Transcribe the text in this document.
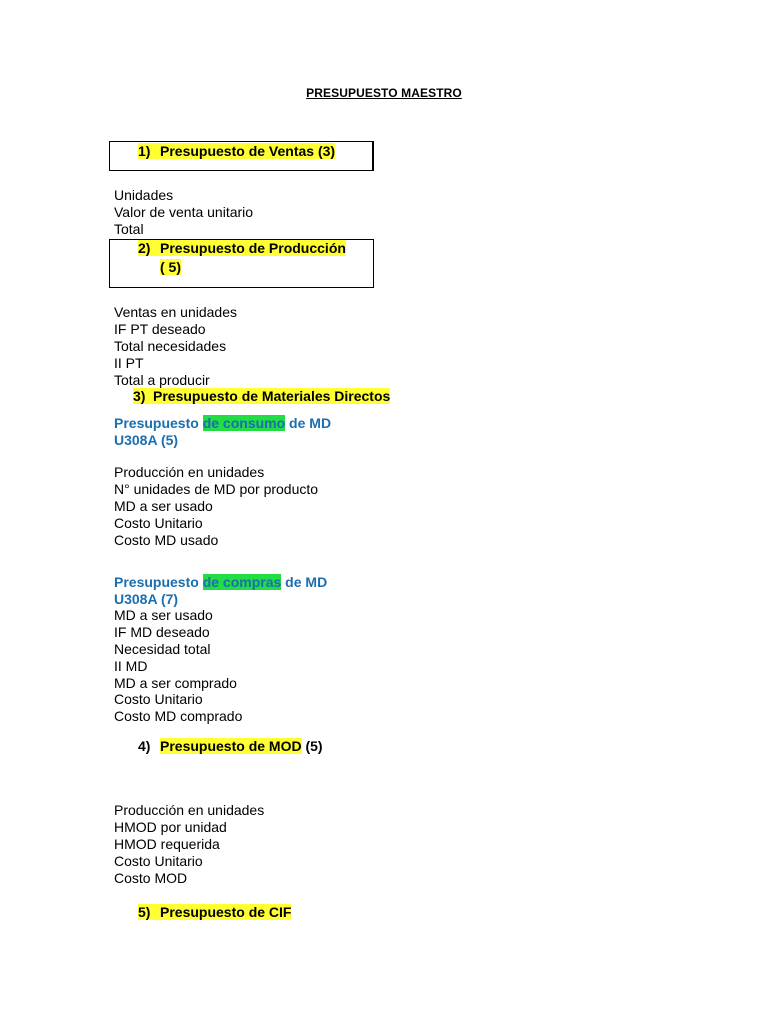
PRESUPUESTO MAESTRO
1) Presupuesto de Ventas (3)
Unidades
Valor de venta unitario
Total
2) Presupuesto de Producción
( 5)
Ventas en unidades
IF PT deseado
Total necesidades
II PT
Total a producir
3) Presupuesto de Materiales Directos
Presupuesto de consumo de MD
U308A (5)
Producción en unidades
N° unidades de MD por producto
MD a ser usado
Costo Unitario
Costo MD usado
Presupuesto de compras de MD
U308A (7)
MD a ser usado
IF MD deseado
Necesidad total
II MD
MD a ser comprado
Costo Unitario
Costo MD comprado
4) Presupuesto de MOD (5)
Producción en unidades
HMOD por unidad
HMOD requerida
Costo Unitario
Costo MOD
5) Presupuesto de CIF
